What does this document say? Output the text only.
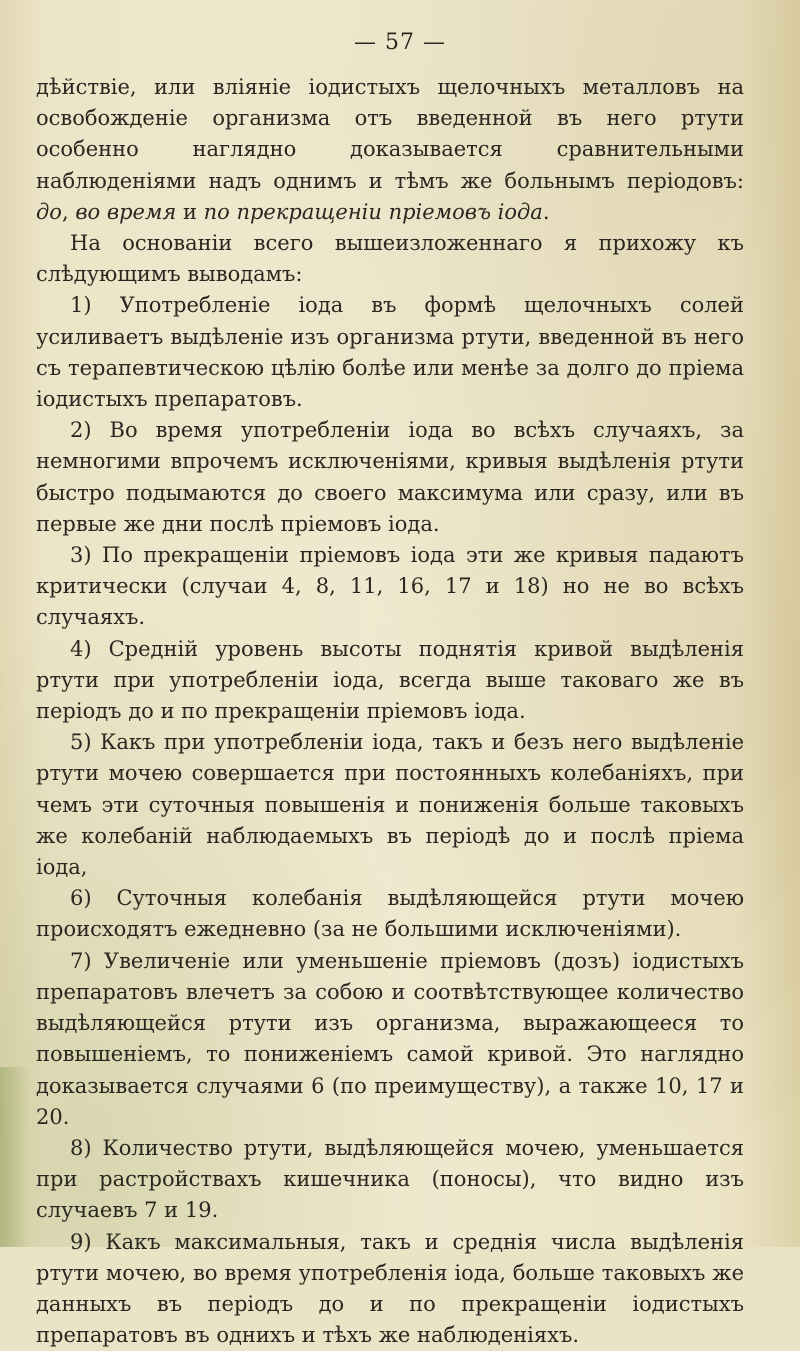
— 57 —

дѣйствіе, или вліяніе іодистыхъ щелочныхъ металловъ на освобожденіе организма отъ введенной въ него ртути особенно наглядно доказывается сравнительными наблюденіями надъ однимъ и тѣмъ же больнымъ періодовъ: до, во время и по прекращеніи пріемовъ іода.

На основаніи всего вышеизложеннаго я прихожу къ слѣдующимъ выводамъ:

1) Употребленіе іода въ формѣ щелочныхъ солей усиливаетъ выдѣленіе изъ организма ртути, введенной въ него съ терапевтическою цѣлію болѣе или менѣе за долго до пріема іодистыхъ препаратовъ.

2) Во время употребленіи іода во всѣхъ случаяхъ, за немногими впрочемъ исключеніями, кривыя выдѣленія ртути быстро подымаются до своего максимума или сразу, или въ первые же дни послѣ пріемовъ іода.

3) По прекращеніи пріемовъ іода эти же кривыя падаютъ критически (случаи 4, 8, 11, 16, 17 и 18) но не во всѣхъ случаяхъ.

4) Средній уровень высоты поднятія кривой выдѣленія ртути при употребленіи іода, всегда выше таковаго же въ періодъ до и по прекращеніи пріемовъ іода.

5) Какъ при употребленіи іода, такъ и безъ него выдѣленіе ртути мочею совершается при постоянныхъ колебаніяхъ, при чемъ эти суточныя повышенія и пониженія больше таковыхъ же колебаній наблюдаемыхъ въ періодѣ до и послѣ пріема іода,

6) Суточныя колебанія выдѣляющейся ртути мочею происходятъ ежедневно (за не большими исключеніями).

7) Увеличеніе или уменьшеніе пріемовъ (дозъ) іодистыхъ препаратовъ влечетъ за собою и соотвѣтствующее количество выдѣляющейся ртути изъ организма, выражающееся то повышеніемъ, то пониженіемъ самой кривой. Это наглядно доказывается случаями 6 (по преимуществу), а также 10, 17 и 20.

8) Количество ртути, выдѣляющейся мочею, уменьшается при растройствахъ кишечника (поносы), что видно изъ случаевъ 7 и 19.

9) Какъ максимальныя, такъ и среднія числа выдѣленія ртути мочею, во время употребленія іода, больше таковыхъ же данныхъ въ періодъ до и по прекращеніи іодистыхъ препаратовъ въ однихъ и тѣхъ же наблюденіяхъ.
